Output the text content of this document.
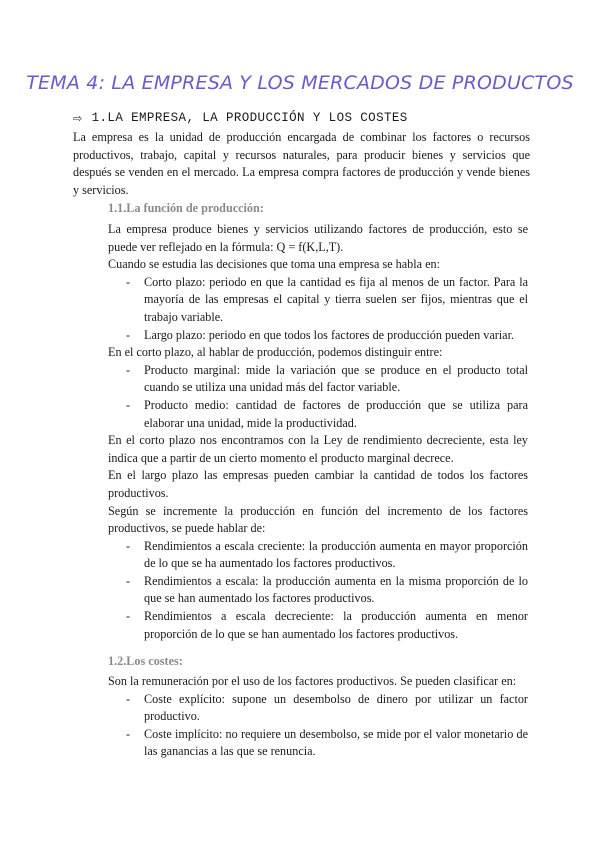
TEMA 4: LA EMPRESA Y LOS MERCADOS DE PRODUCTOS
⇨ 1.LA EMPRESA, LA PRODUCCIÓN Y LOS COSTES

La empresa es la unidad de producción encargada de combinar los factores o recursos productivos, trabajo, capital y recursos naturales, para producir bienes y servicios que después se venden en el mercado. La empresa compra factores de producción y vende bienes y servicios.

1.1.La función de producción:

La empresa produce bienes y servicios utilizando factores de producción, esto se puede ver reflejado en la fórmula: Q = f(K,L,T).

Cuando se estudia las decisiones que toma una empresa se habla en:

- Corto plazo: periodo en que la cantidad es fija al menos de un factor. Para la mayoría de las empresas el capital y tierra suelen ser fijos, mientras que el trabajo variable.
- Largo plazo: periodo en que todos los factores de producción pueden variar.

En el corto plazo, al hablar de producción, podemos distinguir entre:

- Producto marginal: mide la variación que se produce en el producto total cuando se utiliza una unidad más del factor variable.
- Producto medio: cantidad de factores de producción que se utiliza para elaborar una unidad, mide la productividad.

En el corto plazo nos encontramos con la Ley de rendimiento decreciente, esta ley indica que a partir de un cierto momento el producto marginal decrece.

En el largo plazo las empresas pueden cambiar la cantidad de todos los factores productivos.

Según se incremente la producción en función del incremento de los factores productivos, se puede hablar de:

- Rendimientos a escala creciente: la producción aumenta en mayor proporción de lo que se ha aumentado los factores productivos.
- Rendimientos a escala: la producción aumenta en la misma proporción de lo que se han aumentado los factores productivos.
- Rendimientos a escala decreciente: la producción aumenta en menor proporción de lo que se han aumentado los factores productivos.
1.2.Los costes:

Son la remuneración por el uso de los factores productivos. Se pueden clasificar en:

- Coste explícito: supone un desembolso de dinero por utilizar un factor productivo.
- Coste implícito: no requiere un desembolso, se mide por el valor monetario de las ganancias a las que se renuncia.
